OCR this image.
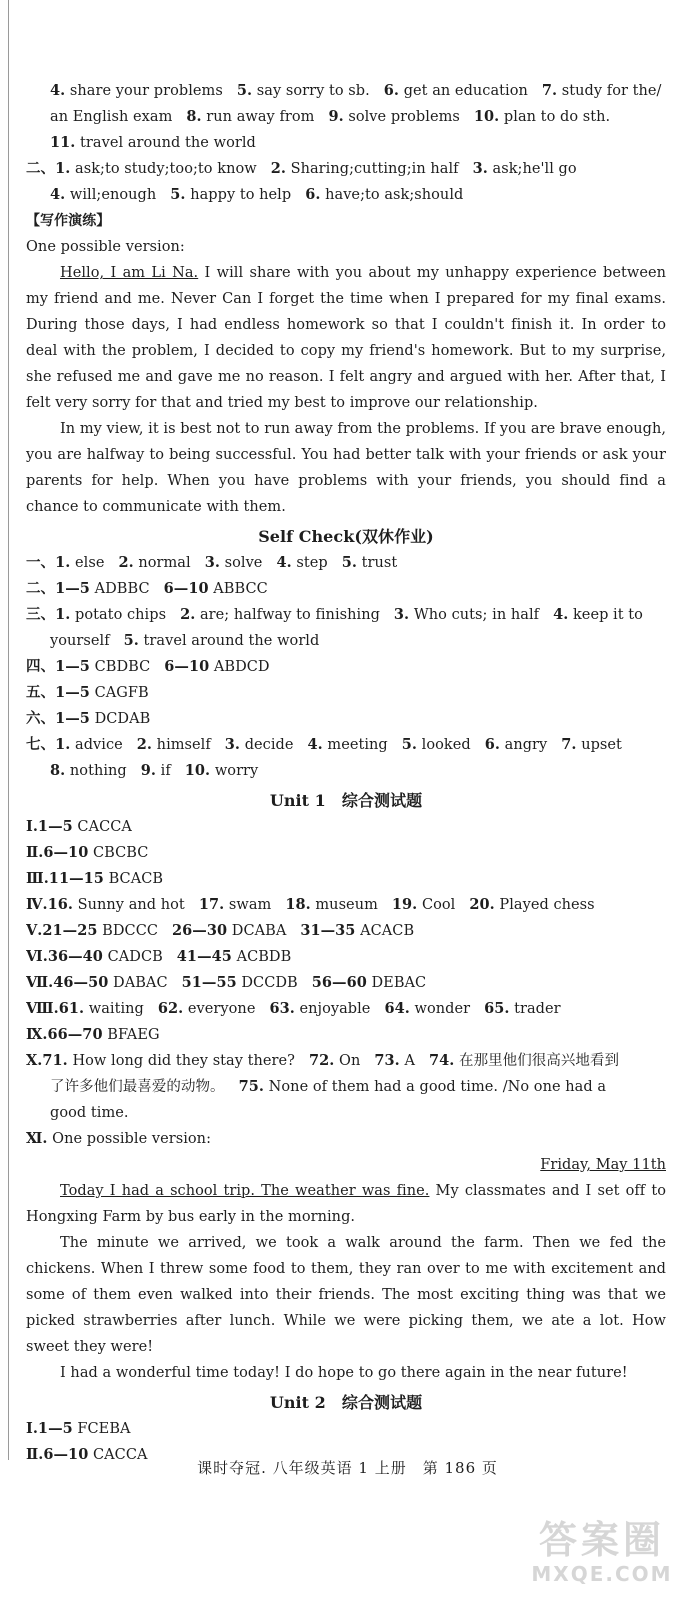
4. share your problems 5. say sorry to sb. 6. get an education 7. study for the/
an English exam 8. run away from 9. solve problems 10. plan to do sth.
11. travel around the world
二、1. ask;to study;too;to know 2. Sharing;cutting;in half 3. ask;he'll go
4. will;enough 5. happy to help 6. have;to ask;should
【写作演练】
One possible version:
Hello, I am Li Na. I will share with you about my unhappy experience between my friend and me. Never Can I forget the time when I prepared for my final exams. During those days, I had endless homework so that I couldn't finish it. In order to deal with the problem, I decided to copy my friend's homework. But to my surprise, she refused me and gave me no reason. I felt angry and argued with her. After that, I felt very sorry for that and tried my best to improve our relationship.
In my view, it is best not to run away from the problems. If you are brave enough, you are halfway to being successful. You had better talk with your friends or ask your parents for help. When you have problems with your friends, you should find a chance to communicate with them.
Self Check(双休作业)
一、1. else 2. normal 3. solve 4. step 5. trust
二、1—5 ADBBC 6—10 ABBCC
三、1. potato chips 2. are; halfway to finishing 3. Who cuts; in half 4. keep it to
yourself 5. travel around the world
四、1—5 CBDBC 6—10 ABDCD
五、1—5 CAGFB
六、1—5 DCDAB
七、1. advice 2. himself 3. decide 4. meeting 5. looked 6. angry 7. upset
8. nothing 9. if 10. worry
Unit 1　综合测试题
Ⅰ.1—5 CACCA
Ⅱ.6—10 CBCBC
Ⅲ.11—15 BCACB
Ⅳ.16. Sunny and hot 17. swam 18. museum 19. Cool 20. Played chess
Ⅴ.21—25 BDCCC 26—30 DCABA 31—35 ACACB
Ⅵ.36—40 CADCB 41—45 ACBDB
Ⅶ.46—50 DABAC 51—55 DCCDB 56—60 DEBAC
Ⅷ.61. waiting 62. everyone 63. enjoyable 64. wonder 65. trader
Ⅸ.66—70 BFAEG
Ⅹ.71. How long did they stay there? 72. On 73. A 74. 在那里他们很高兴地看到
了许多他们最喜爱的动物。 75. None of them had a good time. /No one had a
good time.
Ⅺ. One possible version:
Friday, May 11th
Today I had a school trip. The weather was fine. My classmates and I set off to Hongxing Farm by bus early in the morning.
The minute we arrived, we took a walk around the farm. Then we fed the chickens. When I threw some food to them, they ran over to me with excitement and some of them even walked into their friends. The most exciting thing was that we picked strawberries after lunch. While we were picking them, we ate a lot. How sweet they were!
I had a wonderful time today! I do hope to go there again in the near future!
Unit 2　综合测试题
Ⅰ.1—5 FCEBA
Ⅱ.6—10 CACCA
课时夺冠. 八年级英语 1 上册　第 186 页
答案圈
MXQE.COM
